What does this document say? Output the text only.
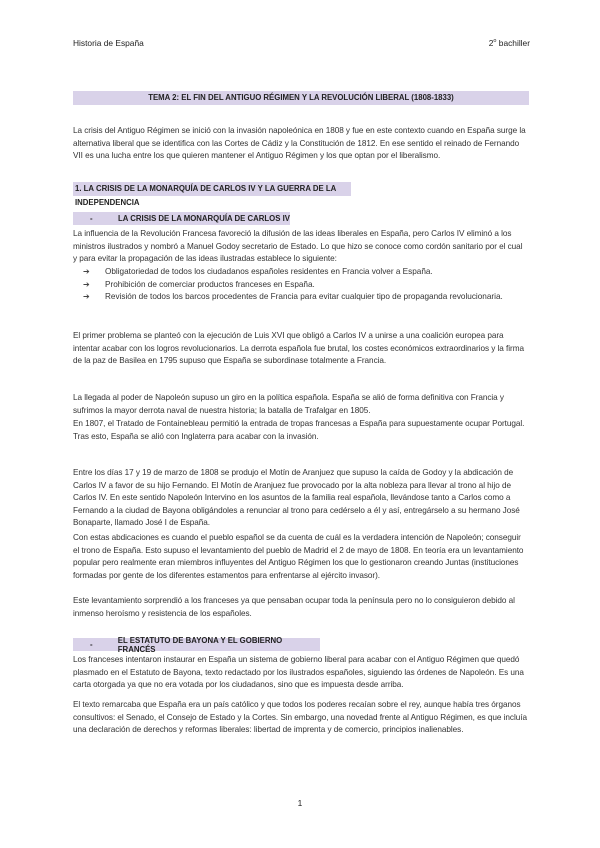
Historia de España	2$^o$ bachiller
TEMA 2: EL FIN DEL ANTIGUO RÉGIMEN Y LA REVOLUCIÓN LIBERAL (1808-1833)

La crisis del Antiguo Régimen se inició con la invasión napoleónica en 1808 y fue en este contexto cuando en España surge la alternativa liberal que se identifica con las Cortes de Cádiz y la Constitución de 1812. En ese sentido el reinado de Fernando VII es una lucha entre los que quieren mantener el Antiguo Régimen y los que optan por el liberalismo.

1. LA CRISIS DE LA MONARQUÍA DE CARLOS IV Y LA GUERRA DE LA INDEPENDENCIA
-	LA CRISIS DE LA MONARQUÍA DE CARLOS IV

La influencia de la Revolución Francesa favoreció la difusión de las ideas liberales en España, pero Carlos IV eliminó a los ministros ilustrados y nombró a Manuel Godoy secretario de Estado. Lo que hizo se conoce como cordón sanitario por el cual y para evitar la propagación de las ideas ilustradas establece lo siguiente:

➔	Obligatoriedad de todos los ciudadanos españoles residentes en Francia volver a España.
➔	Prohibición de comerciar productos franceses en España.
➔	Revisión de todos los barcos procedentes de Francia para evitar cualquier tipo de propaganda revolucionaria.

El primer problema se planteó con la ejecución de Luis XVI que obligó a Carlos IV a unirse a una coalición europea para intentar acabar con los logros revolucionarios. La derrota española fue brutal, los costes económicos extraordinarios y la firma de la paz de Basilea en 1795 supuso que España se subordinase totalmente a Francia.

La llegada al poder de Napoleón supuso un giro en la política española. España se alió de forma definitiva con Francia y sufrimos la mayor derrota naval de nuestra historia; la batalla de Trafalgar en 1805.

En 1807, el Tratado de Fontainebleau permitió la entrada de tropas francesas a España para supuestamente ocupar Portugal. Tras esto, España se alió con Inglaterra para acabar con la invasión.

Entre los días 17 y 19 de marzo de 1808 se produjo el Motín de Aranjuez que supuso la caída de Godoy y la abdicación de Carlos IV a favor de su hijo Fernando. El Motín de Aranjuez fue provocado por la alta nobleza para llevar al trono al hijo de Carlos IV. En este sentido Napoleón Intervino en los asuntos de la familia real española, llevándose tanto a Carlos como a Fernando a la ciudad de Bayona obligándoles a renunciar al trono para cedérselo a él y así, entregárselo a su hermano José Bonaparte, llamado José I de España.

Con estas abdicaciones es cuando el pueblo español se da cuenta de cuál es la verdadera intención de Napoleón; conseguir el trono de España. Esto supuso el levantamiento del pueblo de Madrid el 2 de mayo de 1808. En teoría era un levantamiento popular pero realmente eran miembros influyentes del Antiguo Régimen los que lo gestionaron creando Juntas (instituciones formadas por gente de los diferentes estamentos para enfrentarse al ejército invasor).

Este levantamiento sorprendió a los franceses ya que pensaban ocupar toda la península pero no lo consiguieron debido al inmenso heroísmo y resistencia de los españoles.

-	EL ESTATUTO DE BAYONA Y EL GOBIERNO FRANCÉS

Los franceses intentaron instaurar en España un sistema de gobierno liberal para acabar con el Antiguo Régimen que quedó plasmado en el Estatuto de Bayona, texto redactado por los ilustrados españoles, siguiendo las órdenes de Napoleón. Es una carta otorgada ya que no era votada por los ciudadanos, sino que es impuesta desde arriba.

El texto remarcaba que España era un país católico y que todos los poderes recaían sobre el rey, aunque había tres órganos consultivos: el Senado, el Consejo de Estado y la Cortes. Sin embargo, una novedad frente al Antiguo Régimen, es que incluía una declaración de derechos y reformas liberales: libertad de imprenta y de comercio, principios inalienables.

1
